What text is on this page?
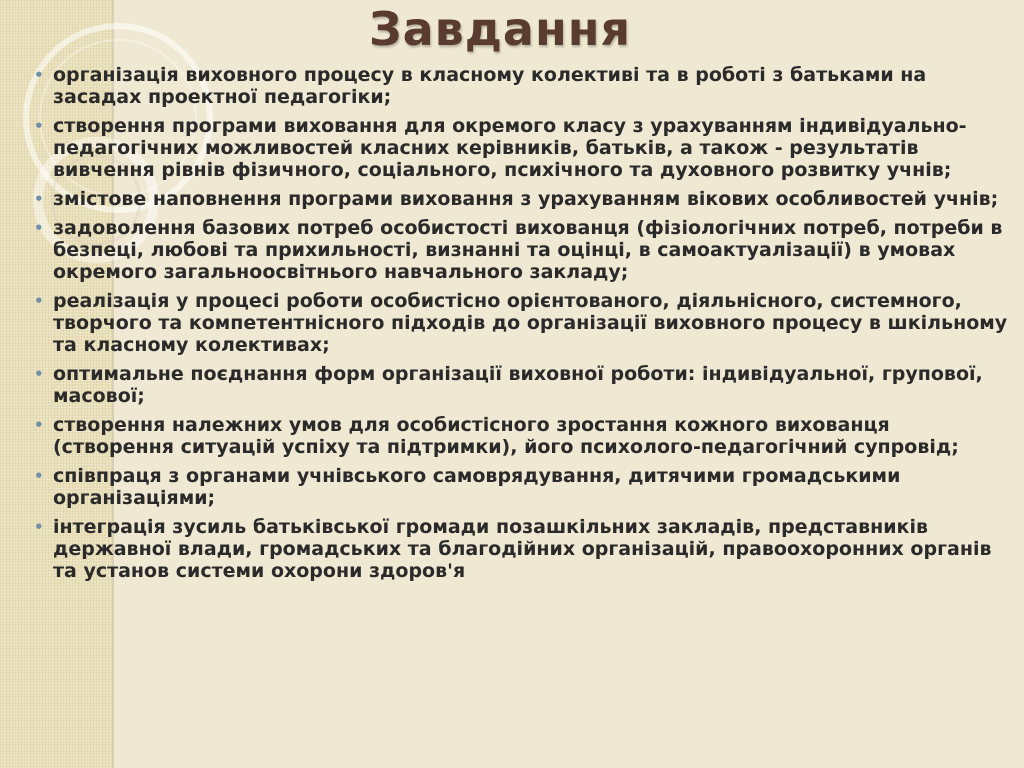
Завдання
• організація виховного процесу в класному колективі та в роботі з батьками на засадах проектної педагогіки;
• створення програми виховання для окремого класу з урахуванням індивідуально-педагогічних можливостей класних керівників, батьків, а також - результатів вивчення рівнів фізичного, соціального, психічного та духовного розвитку учнів;
• змістове наповнення програми виховання з урахуванням вікових особливостей учнів;
• задоволення базових потреб особистості вихованця (фізіологічних потреб, потреби в безпеці, любові та прихильності, визнанні та оцінці, в самоактуалізації) в умовах окремого загальноосвітнього навчального закладу;
• реалізація у процесі роботи особистісно орієнтованого, діяльнісного, системного, творчого та компетентнісного підходів до організації виховного процесу в шкільному та класному колективах;
• оптимальне поєднання форм організації виховної роботи: індивідуальної, групової, масової;
• створення належних умов для особистісного зростання кожного вихованця (створення ситуацій успіху та підтримки), його психолого-педагогічний супровід;
• співпраця з органами учнівського самоврядування, дитячими громадськими організаціями;
• інтеграція зусиль батьківської громади позашкільних закладів, представників державної влади, громадських та благодійних організацій, правоохоронних органів та установ системи охорони здоров'я
